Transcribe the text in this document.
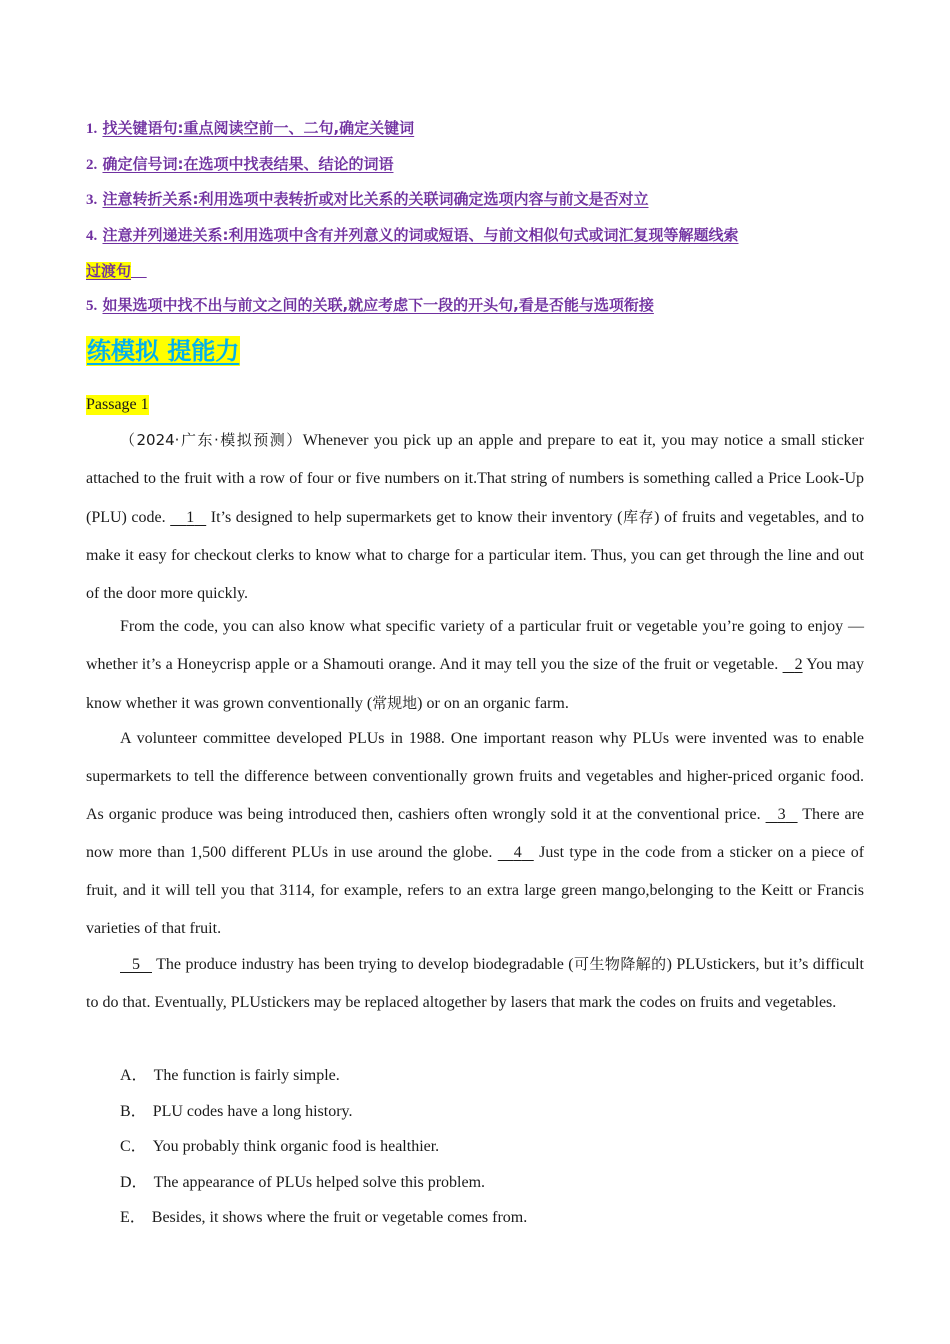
1. 找关键语句:重点阅读空前一、二句,确定关键词
2. 确定信号词:在选项中找表结果、结论的词语
3. 注意转折关系:利用选项中表转折或对比关系的关联词确定选项内容与前文是否对立
4. 注意并列递进关系:利用选项中含有并列意义的词或短语、与前文相似句式或词汇复现等解题线索
过渡句
5. 如果选项中找不出与前文之间的关联,就应考虑下一段的开头句,看是否能与选项衔接
练模拟 提能力
Passage 1

（2024·广东·模拟预测）Whenever you pick up an apple and prepare to eat it, you may notice a small sticker attached to the fruit with a row of four or five numbers on it.That string of numbers is something called a Price Look-Up (PLU) code. 1 It’s designed to help supermarkets get to know their inventory (库存) of fruits and vegetables, and to make it easy for checkout clerks to know what to charge for a particular item. Thus, you can get through the line and out of the door more quickly.

From the code, you can also know what specific variety of a particular fruit or vegetable you’re going to enjoy — whether it’s a Honeycrisp apple or a Shamouti orange. And it may tell you the size of the fruit or vegetable. 2 You may know whether it was grown conventionally (常规地) or on an organic farm.

A volunteer committee developed PLUs in 1988. One important reason why PLUs were invented was to enable supermarkets to tell the difference between conventionally grown fruits and vegetables and higher-priced organic food. As organic produce was being introduced then, cashiers often wrongly sold it at the conventional price. 3 There are now more than 1,500 different PLUs in use around the globe. 4 Just type in the code from a sticker on a piece of fruit, and it will tell you that 3114, for example, refers to an extra large green mango,belonging to the Keitt or Francis varieties of that fruit.

5 The produce industry has been trying to develop biodegradable (可生物降解的) PLUstickers, but it’s difficult to do that. Eventually, PLUstickers may be replaced altogether by lasers that mark the codes on fruits and vegetables.

A． The function is fairly simple.
B． PLU codes have a long history.
C． You probably think organic food is healthier.
D． The appearance of PLUs helped solve this problem.
E． Besides, it shows where the fruit or vegetable comes from.
